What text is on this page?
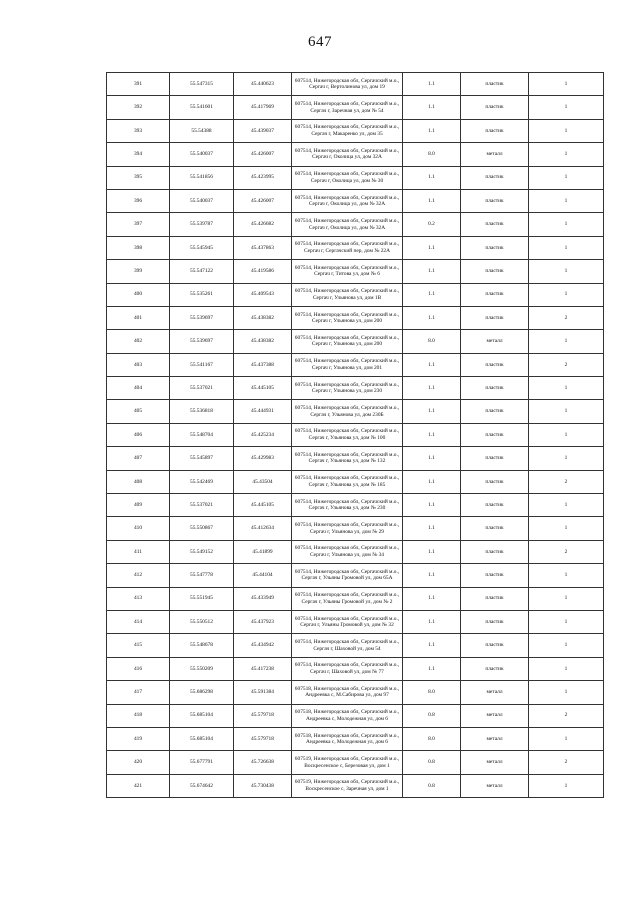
647
391	55.547315	45.440623	607514, Нижегородская обл, Сергачский м.о., Сергач г, Вертолиновa ул, дом 19	1.1	пластик	1
392	55.541601	45.417969	607514, Нижегородская обл, Сергачский м.о., Сергач г, Заречная ул, дом № 54	1.1	пластик	1
393	55.54388	45.439037	607514, Нижегородская обл, Сергачский м.о., Сергач г, Макаренко ул, дом 35	1.1	пластик	1
394	55.540037	45.426007	607514, Нижегородская обл, Сергачский м.о., Сергач г, Околица ул, дом 32А	8.0	металл	1
395	55.541856	45.423995	607514, Нижегородская обл, Сергачский м.о., Сергач г, Околица ул, дом № 30	1.1	пластик	1
396	55.540037	45.426007	607514, Нижегородская обл, Сергачский м.о., Сергач г, Околица ул, дом № 32А	1.1	пластик	1
397	55.539787	45.426682	607514, Нижегородская обл, Сергачский м.о., Сергач г, Околица ул, дом № 32А	0.2	пластик	1
398	55.545945	45.437863	607514, Нижегородская обл, Сергачский м.о., Сергач г, Сергачский пер, дом № 22А	1.1	пластик	1
399	55.547122	45.419586	607514, Нижегородская обл, Сергачский м.о., Сергач г, Титова ул, дом № 6	1.1	пластик	1
400	55.535261	45.409543	607514, Нижегородская обл, Сергачский м.о., Сергач г, Ульянова ул, дом 1В	1.1	пластик	1
401	55.539697	45.438382	607514, Нижегородская обл, Сергачский м.о., Сергач г, Ульянова ул, дом 200	1.1	пластик	2
402	55.539697	45.438382	607514, Нижегородская обл, Сергачский м.о., Сергач г, Ульянова ул, дом 200	8.0	металл	1
403	55.541167	45.437388	607514, Нижегородская обл, Сергачский м.о., Сергач г, Ульянова ул, дом 201	1.1	пластик	2
404	55.537021	45.445105	607514, Нижегородская обл, Сергачский м.о., Сергач г, Ульянова ул, дом 230	1.1	пластик	1
405	55.536818	45.444931	607514, Нижегородская обл, Сергачский м.о., Сергач г, Ульянова ул, дом 230Б	1.1	пластик	1
406	55.548704	45.425234	607514, Нижегородская обл, Сергачский м.о., Сергач г, Ульянова ул, дом № 100	1.1	пластик	1
407	55.545897	45.429983	607514, Нижегородская обл, Сергачский м.о., Сергач г, Ульянова ул, дом № 132	1.1	пластик	1
408	55.542469	45.43504	607514, Нижегородская обл, Сергачский м.о., Сергач г, Ульянова ул, дом № 185	1.1	пластик	2
409	55.537021	45.445105	607514, Нижегородская обл, Сергачский м.о., Сергач г, Ульянова ул, дом № 230	1.1	пластик	1
410	55.550867	45.412634	607514, Нижегородская обл, Сергачский м.о., Сергач г, Ульянова ул, дом № 29	1.1	пластик	1
411	55.549152	45.41899	607514, Нижегородская обл, Сергачский м.о., Сергач г, Ульянова ул, дом № 34	1.1	пластик	2
412	55.547778	45.44104	607514, Нижегородская обл, Сергачский м.о., Сергач г, Ульяны Громовой ул, дом 65А	1.1	пластик	1
413	55.551945	45.433949	607514, Нижегородская обл, Сергачский м.о., Сергач г, Ульяны Громовой ул, дом № 2	1.1	пластик	1
414	55.550512	45.437923	607514, Нижегородская обл, Сергачский м.о., Сергач г, Ульяны Громовой ул, дом № 32	1.1	пластик	1
415	55.548678	45.434942	607514, Нижегородская обл, Сергачский м.о., Сергач г, Шаховой ул, дом 54	1.1	пластик	1
416	55.550209	45.417238	607514, Нижегородская обл, Сергачский м.о., Сергач г, Шаховой ул, дом № 77	1.1	пластик	1
417	55.686298	45.591384	607518, Нижегородская обл, Сергачский м.о., Андреевка с, М.Сабирова ул, дом 97	8.0	металл	1
418	55.685104	45.579718	607518, Нижегородская обл, Сергачский м.о., Андреевка с, Молодежная ул, дом 6	0.8	металл	2
419	55.685104	45.579718	607518, Нижегородская обл, Сергачский м.о., Андреевка с, Молодежная ул, дом 6	8.0	металл	1
420	55.677791	45.726638	607519, Нижегородская обл, Сергачский м.о., Воскресенское с, Березовая ул, дом 1	0.8	металл	2
421	55.674642	45.730438	607519, Нижегородская обл, Сергачский м.о., Воскресенское с, Заречная ул, дом 1	0.8	металл	1
